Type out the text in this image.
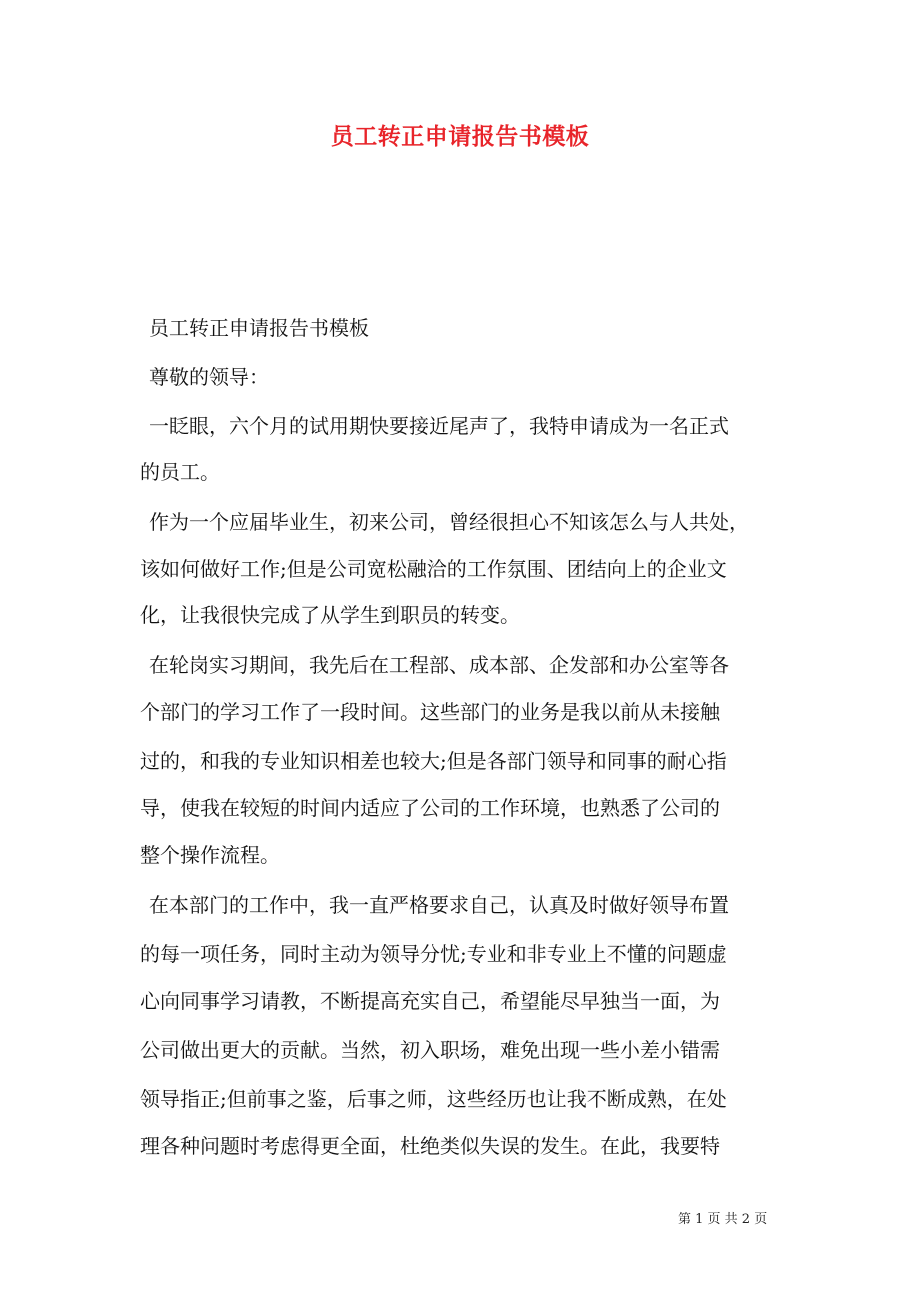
员工转正申请报告书模板
员工转正申请报告书模板
尊敬的领导：
一眨眼，六个月的试用期快要接近尾声了，我特申请成为一名正式
的员工。
作为一个应届毕业生，初来公司，曾经很担心不知该怎么与人共处，
该如何做好工作;但是公司宽松融洽的工作氛围、团结向上的企业文
化，让我很快完成了从学生到职员的转变。
在轮岗实习期间，我先后在工程部、成本部、企发部和办公室等各
个部门的学习工作了一段时间。这些部门的业务是我以前从未接触
过的，和我的专业知识相差也较大;但是各部门领导和同事的耐心指
导，使我在较短的时间内适应了公司的工作环境，也熟悉了公司的
整个操作流程。
在本部门的工作中，我一直严格要求自己，认真及时做好领导布置
的每一项任务，同时主动为领导分忧;专业和非专业上不懂的问题虚
心向同事学习请教，不断提高充实自己，希望能尽早独当一面，为
公司做出更大的贡献。当然，初入职场，难免出现一些小差小错需
领导指正;但前事之鉴，后事之师，这些经历也让我不断成熟，在处
理各种问题时考虑得更全面，杜绝类似失误的发生。在此，我要特
第 1 页 共 2 页
